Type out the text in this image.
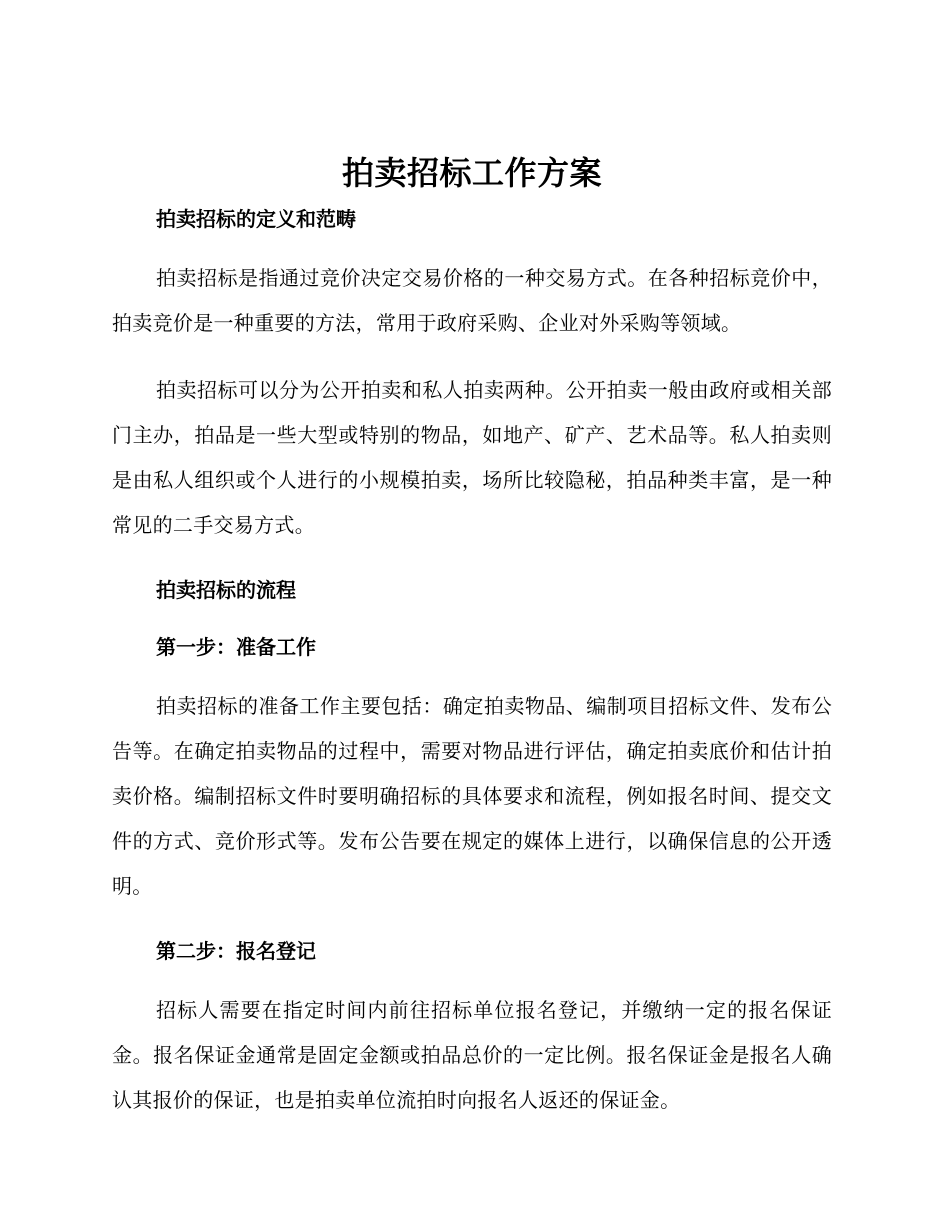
拍卖招标工作方案
拍卖招标的定义和范畴

拍卖招标是指通过竞价决定交易价格的一种交易方式。在各种招标竞价中，拍卖竞价是一种重要的方法，常用于政府采购、企业对外采购等领域。

拍卖招标可以分为公开拍卖和私人拍卖两种。公开拍卖一般由政府或相关部门主办，拍品是一些大型或特别的物品，如地产、矿产、艺术品等。私人拍卖则是由私人组织或个人进行的小规模拍卖，场所比较隐秘，拍品种类丰富，是一种常见的二手交易方式。

拍卖招标的流程
第一步：准备工作

拍卖招标的准备工作主要包括：确定拍卖物品、编制项目招标文件、发布公告等。在确定拍卖物品的过程中，需要对物品进行评估，确定拍卖底价和估计拍卖价格。编制招标文件时要明确招标的具体要求和流程，例如报名时间、提交文件的方式、竞价形式等。发布公告要在规定的媒体上进行，以确保信息的公开透明。

第二步：报名登记

招标人需要在指定时间内前往招标单位报名登记，并缴纳一定的报名保证金。报名保证金通常是固定金额或拍品总价的一定比例。报名保证金是报名人确认其报价的保证，也是拍卖单位流拍时向报名人返还的保证金。
